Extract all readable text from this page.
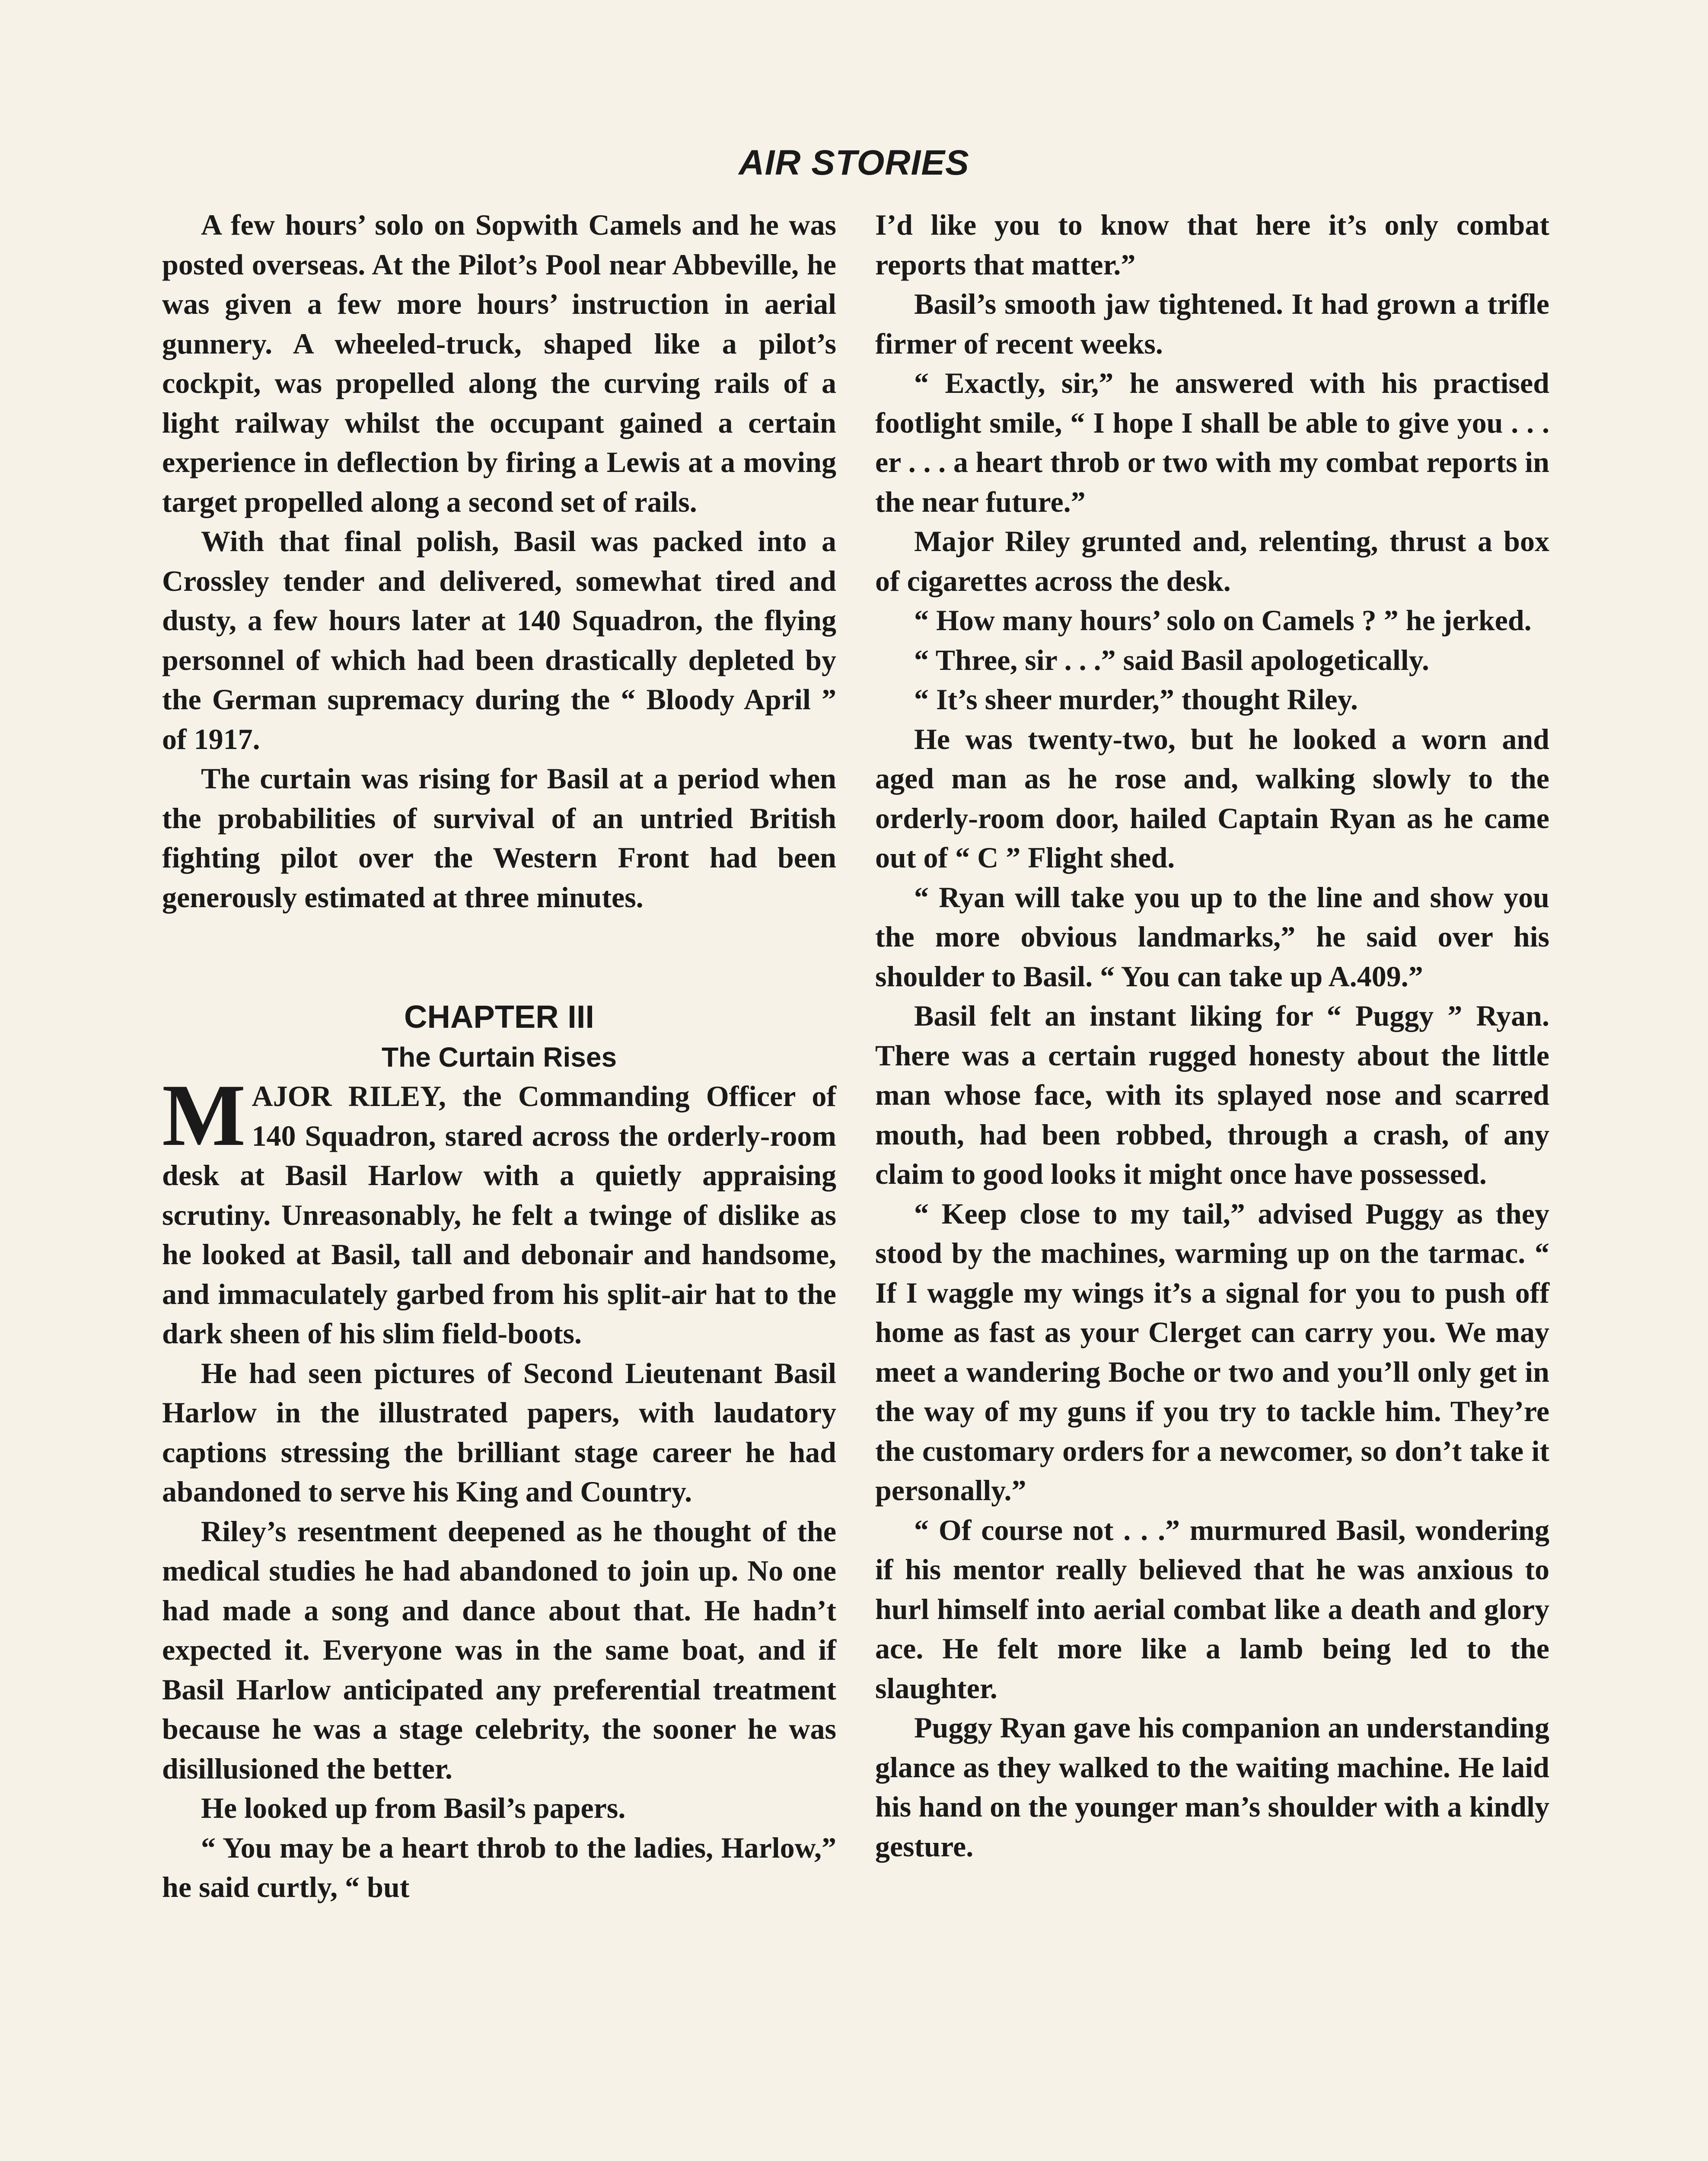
AIR STORIES

A few hours’ solo on Sopwith Camels and he was posted overseas. At the Pilot’s Pool near Abbeville, he was given a few more hours’ instruction in aerial gunnery. A wheeled-truck, shaped like a pilot’s cockpit, was propelled along the curving rails of a light railway whilst the occupant gained a certain experience in deflection by firing a Lewis at a moving target propelled along a second set of rails.

With that final polish, Basil was packed into a Crossley tender and delivered, somewhat tired and dusty, a few hours later at 140 Squadron, the flying personnel of which had been drastically depleted by the German supremacy during the “ Bloody April ” of 1917.

The curtain was rising for Basil at a period when the probabilities of survival of an untried British fighting pilot over the Western Front had been generously estimated at three minutes.

CHAPTER III
The Curtain Rises

MAJOR RILEY, the Commanding Officer of 140 Squadron, stared across the orderly-room desk at Basil Harlow with a quietly appraising scrutiny. Unreasonably, he felt a twinge of dislike as he looked at Basil, tall and debonair and handsome, and immaculately garbed from his split-air hat to the dark sheen of his slim field-boots.

He had seen pictures of Second Lieutenant Basil Harlow in the illustrated papers, with laudatory captions stressing the brilliant stage career he had abandoned to serve his King and Country.

Riley’s resentment deepened as he thought of the medical studies he had abandoned to join up. No one had made a song and dance about that. He hadn’t expected it. Everyone was in the same boat, and if Basil Harlow anticipated any preferential treatment because he was a stage celebrity, the sooner he was disillusioned the better.

He looked up from Basil’s papers.

“ You may be a heart throb to the ladies, Harlow,” he said curtly, “ but

I’d like you to know that here it’s only combat reports that matter.”

Basil’s smooth jaw tightened. It had grown a trifle firmer of recent weeks.

“ Exactly, sir,” he answered with his practised footlight smile, “ I hope I shall be able to give you . . . er . . . a heart throb or two with my combat reports in the near future.”

Major Riley grunted and, relenting, thrust a box of cigarettes across the desk.

“ How many hours’ solo on Camels ? ” he jerked.

“ Three, sir . . .” said Basil apologetically.

“ It’s sheer murder,” thought Riley.

He was twenty-two, but he looked a worn and aged man as he rose and, walking slowly to the orderly-room door, hailed Captain Ryan as he came out of “ C ” Flight shed.

“ Ryan will take you up to the line and show you the more obvious landmarks,” he said over his shoulder to Basil. “ You can take up A.409.”

Basil felt an instant liking for “ Puggy ” Ryan. There was a certain rugged honesty about the little man whose face, with its splayed nose and scarred mouth, had been robbed, through a crash, of any claim to good looks it might once have possessed.

“ Keep close to my tail,” advised Puggy as they stood by the machines, warming up on the tarmac. “ If I waggle my wings it’s a signal for you to push off home as fast as your Clerget can carry you. We may meet a wandering Boche or two and you’ll only get in the way of my guns if you try to tackle him. They’re the customary orders for a newcomer, so don’t take it personally.”

“ Of course not . . .” murmured Basil, wondering if his mentor really believed that he was anxious to hurl himself into aerial combat like a death and glory ace. He felt more like a lamb being led to the slaughter.

Puggy Ryan gave his companion an understanding glance as they walked to the waiting machine. He laid his hand on the younger man’s shoulder with a kindly gesture.
